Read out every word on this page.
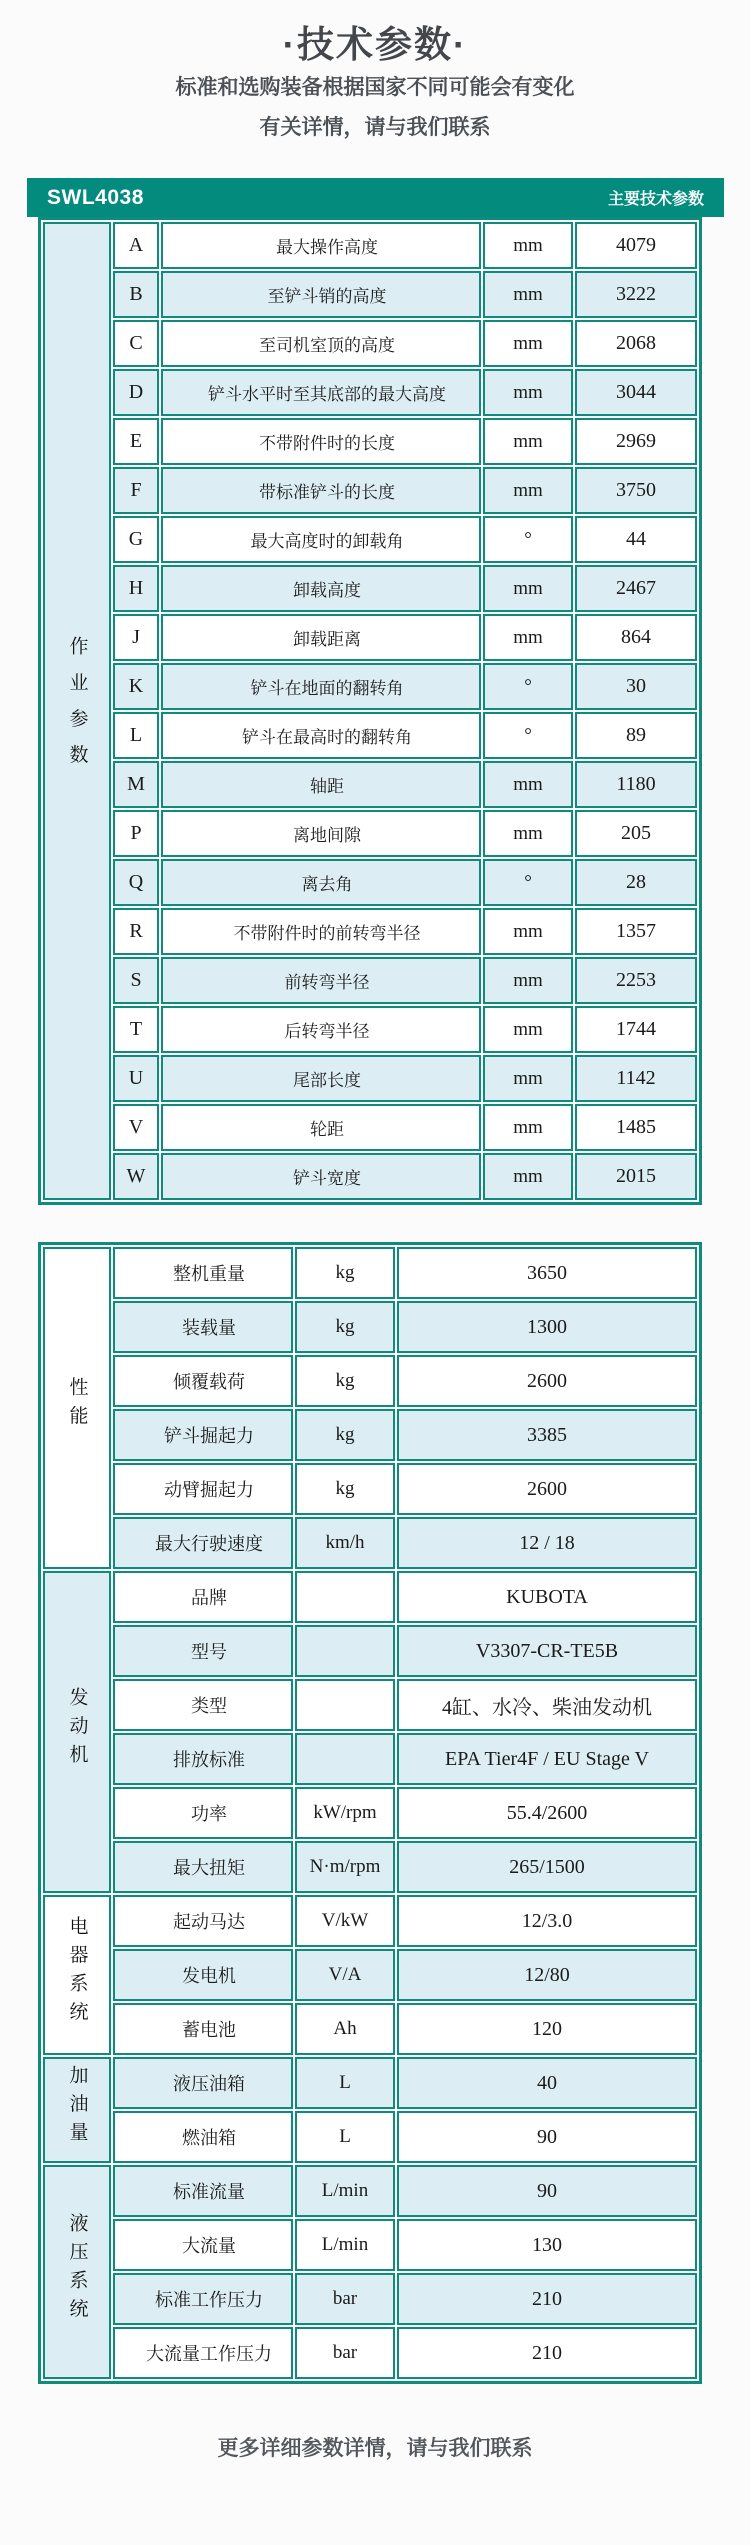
·技术参数·

标准和选购装备根据国家不同可能会有变化

有关详情，请与我们联系

SWL4038	主要技术参数
作业参数	A	最大操作高度	mm	4079
	B	至铲斗销的高度	mm	3222
	C	至司机室顶的高度	mm	2068
	D	铲斗水平时至其底部的最大高度	mm	3044
	E	不带附件时的长度	mm	2969
	F	带标准铲斗的长度	mm	3750
	G	最大高度时的卸载角	°	44
	H	卸载高度	mm	2467
	J	卸载距离	mm	864
	K	铲斗在地面的翻转角	°	30
	L	铲斗在最高时的翻转角	°	89
	M	轴距	mm	1180
	P	离地间隙	mm	205
	Q	离去角	°	28
	R	不带附件时的前转弯半径	mm	1357
	S	前转弯半径	mm	2253
	T	后转弯半径	mm	1744
	U	尾部长度	mm	1142
	V	轮距	mm	1485
	W	铲斗宽度	mm	2015
性能	整机重量	kg	3650
	装载量	kg	1300
	倾覆载荷	kg	2600
	铲斗掘起力	kg	3385
	动臂掘起力	kg	2600
	最大行驶速度	km/h	12 / 18
发动机	品牌		KUBOTA
	型号		V3307-CR-TE5B
	类型		4缸、水冷、柴油发动机
	排放标准		EPA Tier4F / EU Stage V
	功率	kW/rpm	55.4/2600
	最大扭矩	N·m/rpm	265/1500
电器系统	起动马达	V/kW	12/3.0
	发电机	V/A	12/80
	蓄电池	Ah	120
加油量	液压油箱	L	40
	燃油箱	L	90
液压系统	标准流量	L/min	90
	大流量	L/min	130
	标准工作压力	bar	210
	大流量工作压力	bar	210

更多详细参数详情，请与我们联系
